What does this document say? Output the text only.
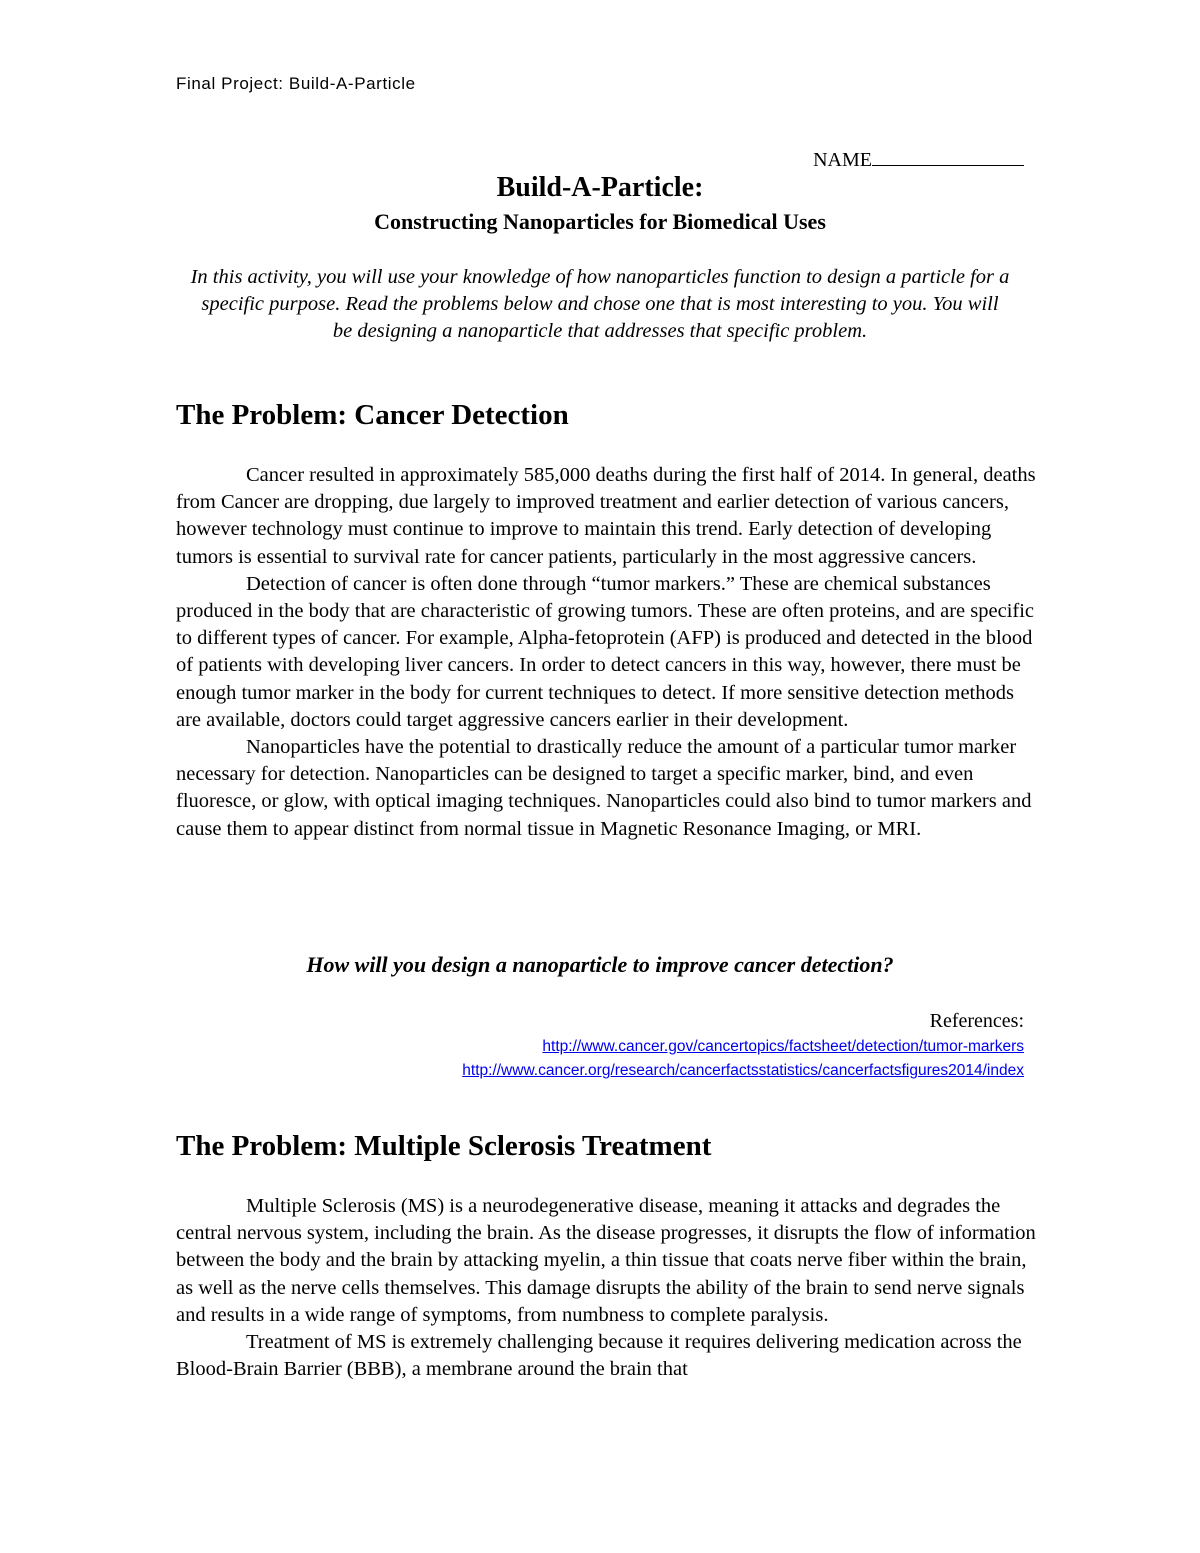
Final Project: Build-A-Particle
NAME
Build-A-Particle:
Constructing Nanoparticles for Biomedical Uses
In this activity, you will use your knowledge of how nanoparticles function to design a particle for a specific purpose. Read the problems below and chose one that is most interesting to you. You will be designing a nanoparticle that addresses that specific problem.
The Problem: Cancer Detection

Cancer resulted in approximately 585,000 deaths during the first half of 2014. In general, deaths from Cancer are dropping, due largely to improved treatment and earlier detection of various cancers, however technology must continue to improve to maintain this trend. Early detection of developing tumors is essential to survival rate for cancer patients, particularly in the most aggressive cancers.

Detection of cancer is often done through “tumor markers.” These are chemical substances produced in the body that are characteristic of growing tumors. These are often proteins, and are specific to different types of cancer. For example, Alpha-fetoprotein (AFP) is produced and detected in the blood of patients with developing liver cancers. In order to detect cancers in this way, however, there must be enough tumor marker in the body for current techniques to detect. If more sensitive detection methods are available, doctors could target aggressive cancers earlier in their development.

Nanoparticles have the potential to drastically reduce the amount of a particular tumor marker necessary for detection. Nanoparticles can be designed to target a specific marker, bind, and even fluoresce, or glow, with optical imaging techniques. Nanoparticles could also bind to tumor markers and cause them to appear distinct from normal tissue in Magnetic Resonance Imaging, or MRI.

How will you design a nanoparticle to improve cancer detection?
References:
http://www.cancer.gov/cancertopics/factsheet/detection/tumor-markers
http://www.cancer.org/research/cancerfactsstatistics/cancerfactsfigures2014/index
The Problem: Multiple Sclerosis Treatment

Multiple Sclerosis (MS) is a neurodegenerative disease, meaning it attacks and degrades the central nervous system, including the brain. As the disease progresses, it disrupts the flow of information between the body and the brain by attacking myelin, a thin tissue that coats nerve fiber within the brain, as well as the nerve cells themselves. This damage disrupts the ability of the brain to send nerve signals and results in a wide range of symptoms, from numbness to complete paralysis.

Treatment of MS is extremely challenging because it requires delivering medication across the Blood-Brain Barrier (BBB), a membrane around the brain that
